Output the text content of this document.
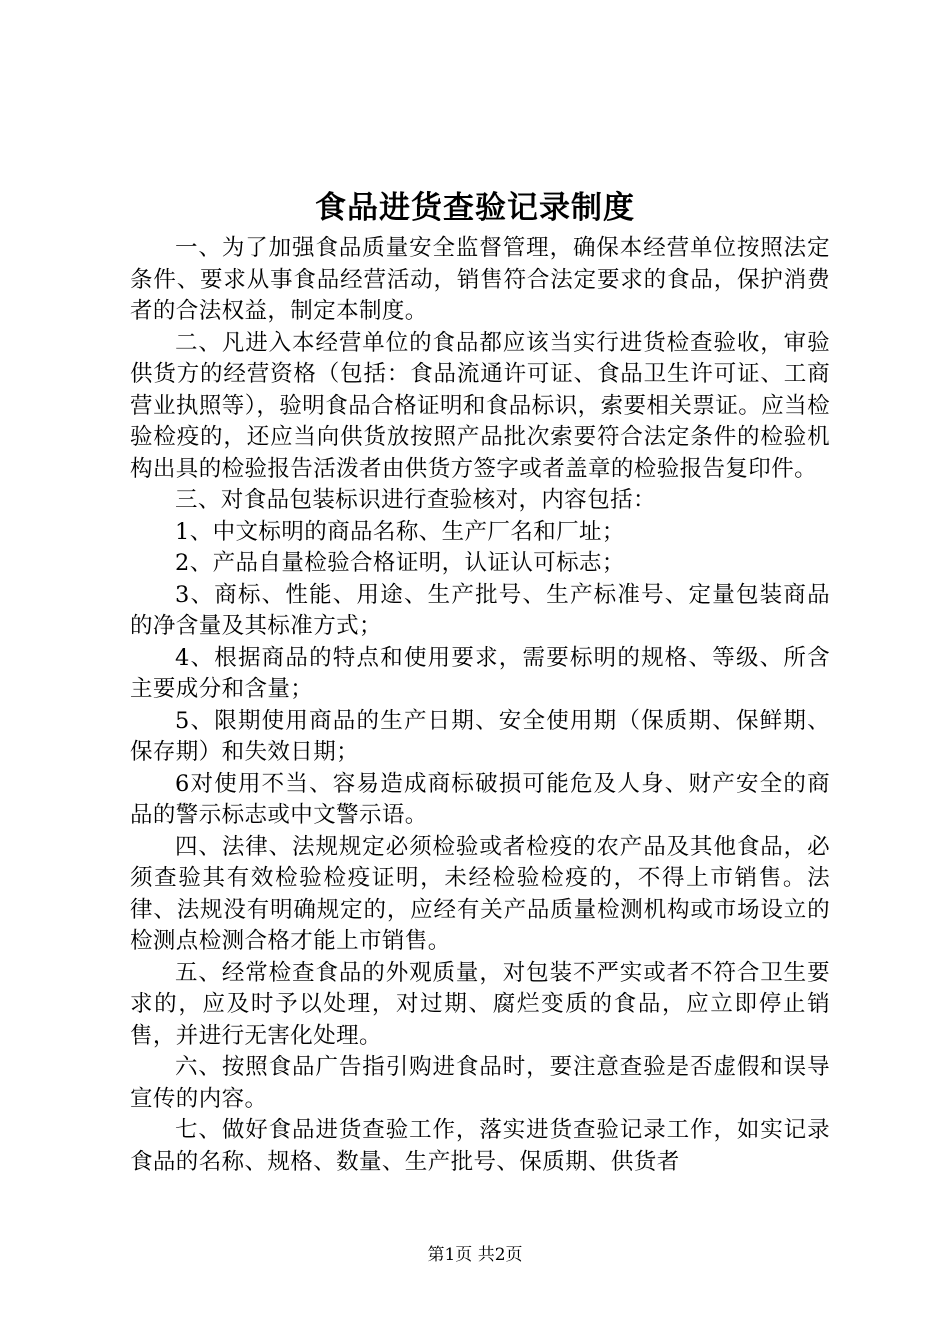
食品进货查验记录制度

一、为了加强食品质量安全监督管理，确保本经营单位按照法定条件、要求从事食品经营活动，销售符合法定要求的食品，保护消费者的合法权益，制定本制度。

二、凡进入本经营单位的食品都应该当实行进货检查验收，审验供货方的经营资格（包括：食品流通许可证、食品卫生许可证、工商营业执照等），验明食品合格证明和食品标识，索要相关票证。应当检验检疫的，还应当向供货放按照产品批次索要符合法定条件的检验机构出具的检验报告活泼者由供货方签字或者盖章的检验报告复印件。

三、对食品包装标识进行查验核对，内容包括：

1、中文标明的商品名称、生产厂名和厂址；

2、产品自量检验合格证明，认证认可标志；

3、商标、性能、用途、生产批号、生产标准号、定量包装商品的净含量及其标准方式；

4、根据商品的特点和使用要求，需要标明的规格、等级、所含主要成分和含量；

5、限期使用商品的生产日期、安全使用期（保质期、保鲜期、保存期）和失效日期；

6对使用不当、容易造成商标破损可能危及人身、财产安全的商品的警示标志或中文警示语。

四、法律、法规规定必须检验或者检疫的农产品及其他食品，必须查验其有效检验检疫证明，未经检验检疫的，不得上市销售。法律、法规没有明确规定的，应经有关产品质量检测机构或市场设立的检测点检测合格才能上市销售。

五、经常检查食品的外观质量，对包装不严实或者不符合卫生要求的，应及时予以处理，对过期、腐烂变质的食品，应立即停止销售，并进行无害化处理。

六、按照食品广告指引购进食品时，要注意查验是否虚假和误导宣传的内容。

七、做好食品进货查验工作，落实进货查验记录工作，如实记录食品的名称、规格、数量、生产批号、保质期、供货者

第1页 共2页
